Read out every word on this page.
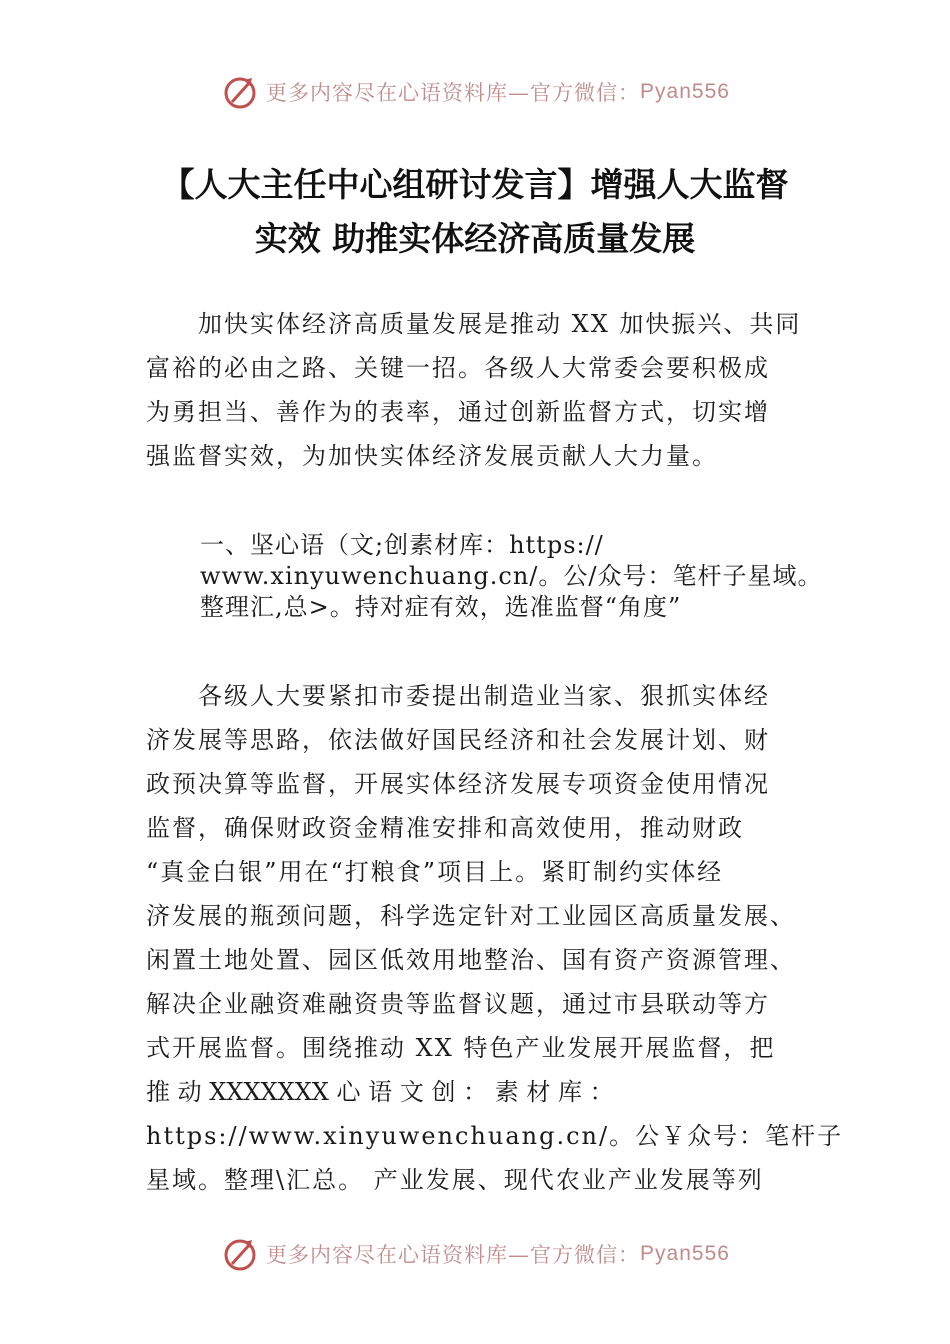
更多内容尽在心语资料库—官方微信： Pyan556
【人大主任中心组研讨发言】增强人大监督
实效 助推实体经济高质量发展
　　加快实体经济高质量发展是推动 XX 加快振兴、共同
富裕的必由之路、关键一招。各级人大常委会要积极成
为勇担当、善作为的表率，通过创新监督方式，切实增
强监督实效，为加快实体经济发展贡献人大力量。
一、坚心语（文;创素材库：https://
www.xinyuwenchuang.cn/。公/众号：笔杆子星域。
整理汇,总>。持对症有效，选准监督“角度”
　　各级人大要紧扣市委提出制造业当家、狠抓实体经
济发展等思路，依法做好国民经济和社会发展计划、财
政预决算等监督，开展实体经济发展专项资金使用情况
监督，确保财政资金精准安排和高效使用，推动财政
“真金白银”用在“打粮食”项目上。紧盯制约实体经
济发展的瓶颈问题，科学选定针对工业园区高质量发展、
闲置土地处置、园区低效用地整治、国有资产资源管理、
解决企业融资难融资贵等监督议题，通过市县联动等方
式开展监督。围绕推动 XX 特色产业发展开展监督，把
推 动 XXXXXXX 心 语 文 创 ： 素 材 库 ：
https://www.xinyuwenchuang.cn/。公￥众号：笔杆子
星域。整理\汇总。 产业发展、现代农业产业发展等列
更多内容尽在心语资料库—官方微信： Pyan556
